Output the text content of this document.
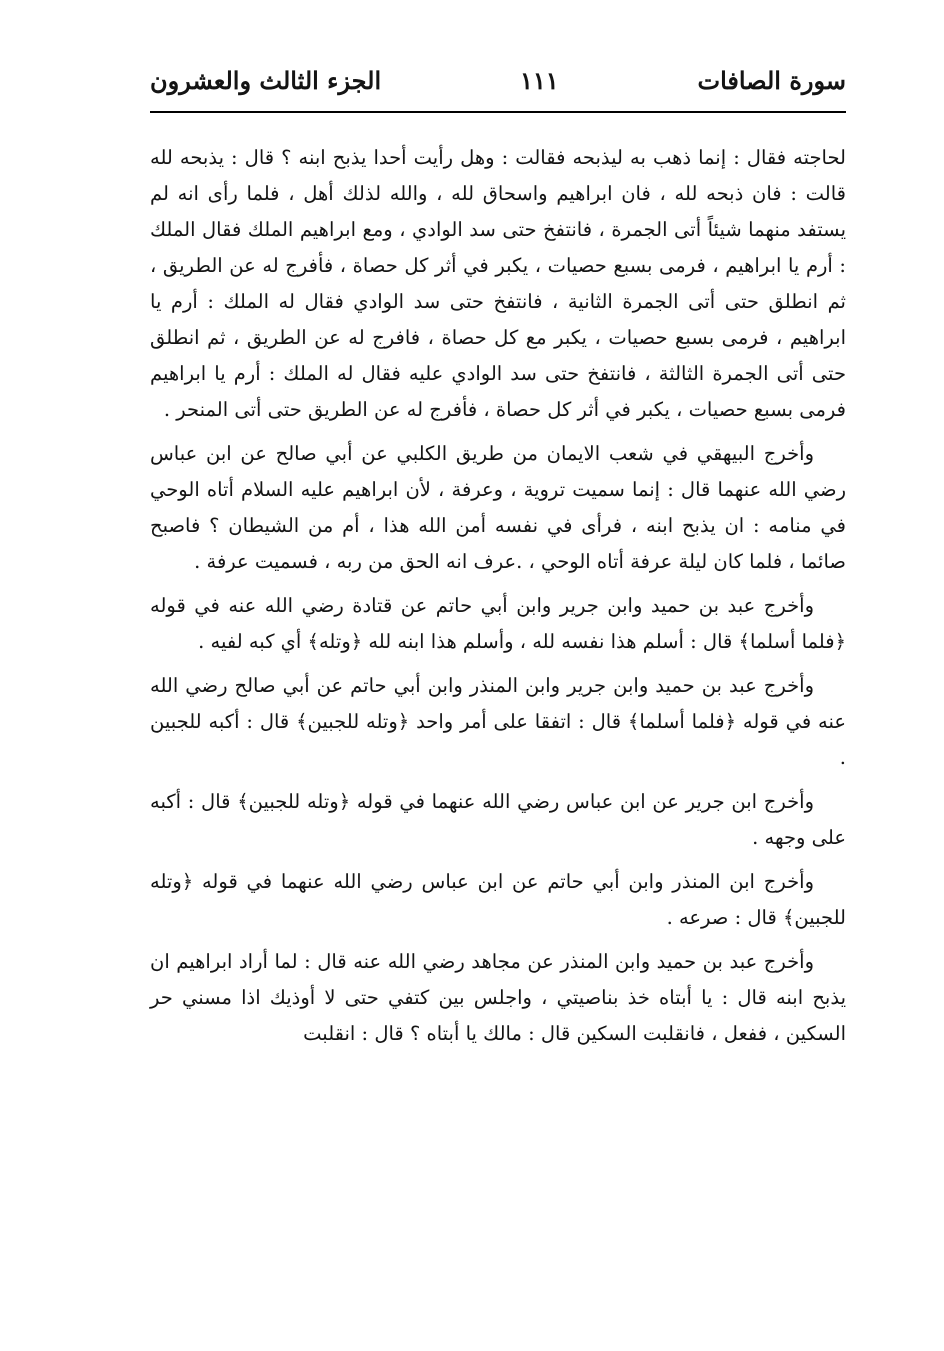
الجزء الثالث والعشرون	١١١	سورة الصافات

لحاجته فقال : إنما ذهب به ليذبحه فقالت : وهل رأيت أحدا يذبح ابنه ؟ قال : يذبحه لله قالت : فان ذبحه لله ، فان ابراهيم واسحاق لله ، والله لذلك أهل ، فلما رأى انه لم يستفد منهما شيئاً أتى الجمرة ، فانتفخ حتى سد الوادي ، ومع ابراهيم الملك فقال الملك : أرم يا ابراهيم ، فرمى بسبع حصيات ، يكبر في أثر كل حصاة ، فأفرج له عن الطريق ، ثم انطلق حتى أتى الجمرة الثانية ، فانتفخ حتى سد الوادي فقال له الملك : أرم يا ابراهيم ، فرمى بسبع حصيات ، يكبر مع كل حصاة ، فافرج له عن الطريق ، ثم انطلق حتى أتى الجمرة الثالثة ، فانتفخ حتى سد الوادي عليه فقال له الملك : أرم يا ابراهيم فرمى بسبع حصيات ، يكبر في أثر كل حصاة ، فأفرج له عن الطريق حتى أتى المنحر .

وأخرج البيهقي في شعب الايمان من طريق الكلبي عن أبي صالح عن ابن عباس رضي الله عنهما قال : إنما سميت تروية ، وعرفة ، لأن ابراهيم عليه السلام أتاه الوحي في منامه : ان يذبح ابنه ، فرأى في نفسه أمن الله هذا ، أم من الشيطان ؟ فاصبح صائما ، فلما كان ليلة عرفة أتاه الوحي ، .عرف انه الحق من ربه ، فسميت عرفة .

وأخرج عبد بن حميد وابن جرير وابن أبي حاتم عن قتادة رضي الله عنه في قوله ﴿فلما أسلما﴾ قال : أسلم هذا نفسه لله ، وأسلم هذا ابنه لله ﴿وتله﴾ أي كبه لفيه .

وأخرج عبد بن حميد وابن جرير وابن المنذر وابن أبي حاتم عن أبي صالح رضي الله عنه في قوله ﴿فلما أسلما﴾ قال : اتفقا على أمر واحد ﴿وتله للجبين﴾ قال : أكبه للجبين .

وأخرج ابن جرير عن ابن عباس رضي الله عنهما في قوله ﴿وتله للجبين﴾ قال : أكبه على وجهه .

وأخرج ابن المنذر وابن أبي حاتم عن ابن عباس رضي الله عنهما في قوله ﴿وتله للجبين﴾ قال : صرعه .

وأخرج عبد بن حميد وابن المنذر عن مجاهد رضي الله عنه قال : لما أراد ابراهيم ان يذبح ابنه قال : يا أبتاه خذ بناصيتي ، واجلس بين كتفي حتى لا أوذيك اذا مسني حر السكين ، ففعل ، فانقلبت السكين قال : مالك يا أبتاه ؟ قال : انقلبت
